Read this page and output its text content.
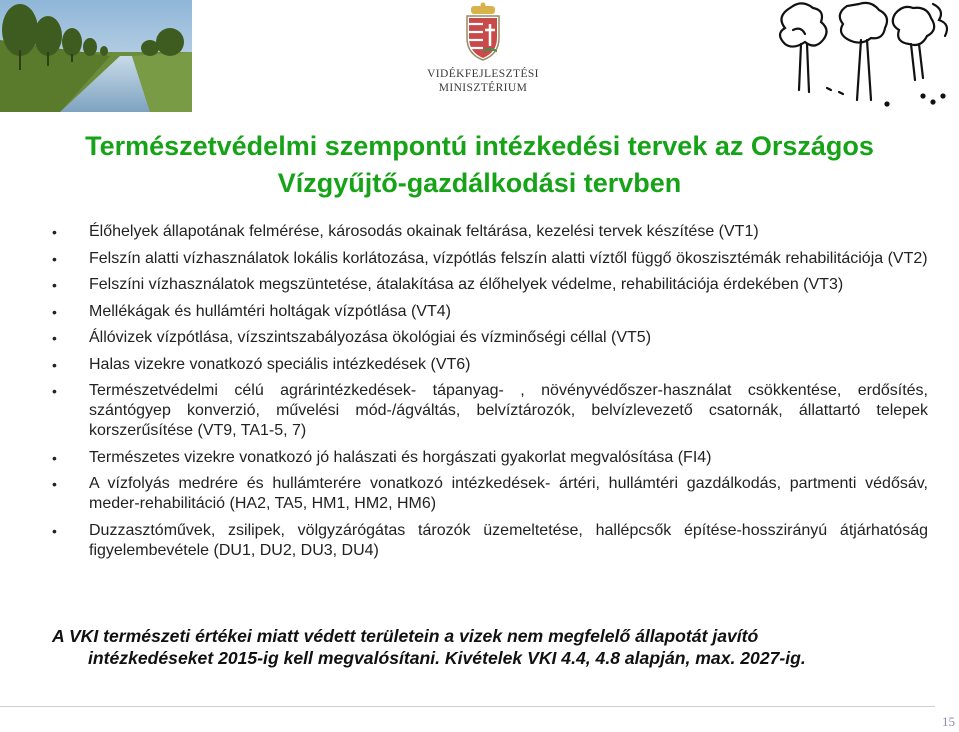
VIDÉKFEJLESZTÉSI
MINISZTÉRIUM
Természetvédelmi szempontú intézkedési tervek az Országos
Vízgyűjtő-gazdálkodási tervben
• Élőhelyek állapotának felmérése, károsodás okainak feltárása, kezelési tervek készítése (VT1)
• Felszín alatti vízhasználatok lokális korlátozása, vízpótlás felszín alatti víztől függő ökoszisztémák rehabilitációja (VT2)
• Felszíni vízhasználatok megszüntetése, átalakítása az élőhelyek védelme, rehabilitációja érdekében (VT3)
• Mellékágak és hullámtéri holtágak vízpótlása (VT4)
• Állóvizek vízpótlása, vízszintszabályozása ökológiai és vízminőségi céllal (VT5)
• Halas vizekre vonatkozó speciális intézkedések (VT6)
• Természetvédelmi célú agrárintézkedések- tápanyag- , növényvédőszer-használat csökkentése, erdősítés, szántógyep konverzió, művelési mód-/ágváltás, belvíztározók, belvízlevezető csatornák, állattartó telepek korszerűsítése (VT9, TA1-5, 7)
• Természetes vizekre vonatkozó jó halászati és horgászati gyakorlat megvalósítása (FI4)
• A vízfolyás medrére és hullámterére vonatkozó intézkedések- ártéri, hullámtéri gazdálkodás, partmenti védősáv, meder-rehabilitáció (HA2, TA5, HM1, HM2, HM6)
• Duzzasztóművek, zsilipek, völgyzárógátas tározók üzemeltetése, hallépcsők építése-hosszirányú átjárhatóság figyelembevétele (DU1, DU2, DU3, DU4)
A VKI természeti értékei miatt védett területein a vizek nem megfelelő állapotát javító
intézkedéseket 2015-ig kell megvalósítani. Kivételek VKI 4.4, 4.8 alapján, max. 2027-ig.
15
